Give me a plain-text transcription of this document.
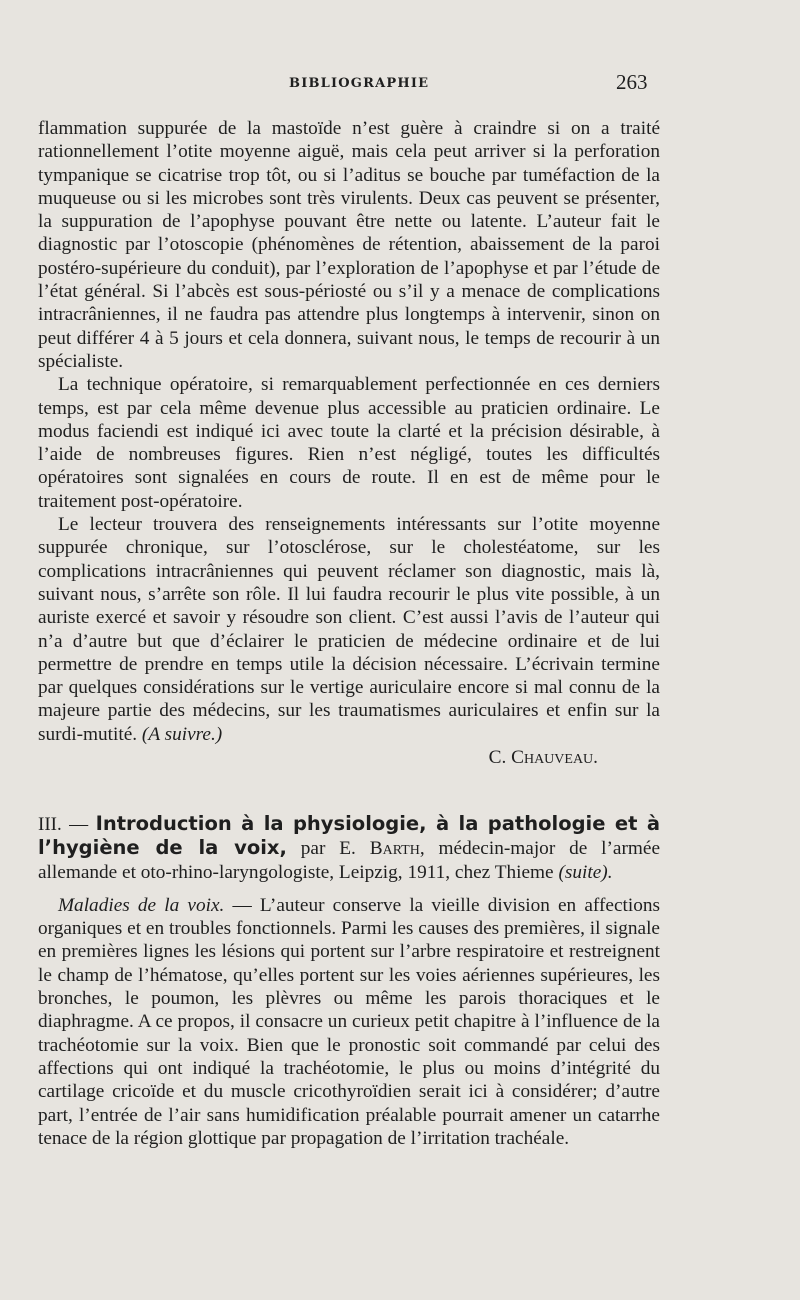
BIBLIOGRAPHIE	263

flammation suppurée de la mastoïde n’est guère à craindre si on a traité rationnellement l’otite moyenne aiguë, mais cela peut arriver si la perforation tympanique se cicatrise trop tôt, ou si l’aditus se bouche par tuméfaction de la muqueuse ou si les microbes sont très virulents. Deux cas peuvent se présenter, la suppuration de l’apophyse pouvant être nette ou latente. L’auteur fait le diagnostic par l’otoscopie (phénomènes de rétention, abaissement de la paroi postéro-supérieure du conduit), par l’exploration de l’apophyse et par l’étude de l’état général. Si l’abcès est sous-périosté ou s’il y a menace de complications intracrâniennes, il ne faudra pas attendre plus longtemps à intervenir, sinon on peut différer 4 à 5 jours et cela donnera, suivant nous, le temps de recourir à un spécialiste.

La technique opératoire, si remarquablement perfectionnée en ces derniers temps, est par cela même devenue plus accessible au praticien ordinaire. Le modus faciendi est indiqué ici avec toute la clarté et la précision désirable, à l’aide de nombreuses figures. Rien n’est négligé, toutes les difficultés opératoires sont signalées en cours de route. Il en est de même pour le traitement post-opératoire.

Le lecteur trouvera des renseignements intéressants sur l’otite moyenne suppurée chronique, sur l’otosclérose, sur le cholestéatome, sur les complications intracrâniennes qui peuvent réclamer son diagnostic, mais là, suivant nous, s’arrête son rôle. Il lui faudra recourir le plus vite possible, à un auriste exercé et savoir y résoudre son client. C’est aussi l’avis de l’auteur qui n’a d’autre but que d’éclairer le praticien de médecine ordinaire et de lui permettre de prendre en temps utile la décision nécessaire. L’écrivain termine par quelques considérations sur le vertige auriculaire encore si mal connu de la majeure partie des médecins, sur les traumatismes auriculaires et enfin sur la surdi-mutité. (A suivre.)

C. Chauveau.

III. — Introduction à la physiologie, à la pathologie et à l’hygiène de la voix, par E. Barth, médecin-major de l’armée allemande et oto-rhino-laryngologiste, Leipzig, 1911, chez Thieme (suite).

Maladies de la voix. — L’auteur conserve la vieille division en affections organiques et en troubles fonctionnels. Parmi les causes des premières, il signale en premières lignes les lésions qui portent sur l’arbre respiratoire et restreignent le champ de l’hématose, qu’elles portent sur les voies aériennes supérieures, les bronches, le poumon, les plèvres ou même les parois thoraciques et le diaphragme. A ce propos, il consacre un curieux petit chapitre à l’influence de la trachéotomie sur la voix. Bien que le pronostic soit commandé par celui des affections qui ont indiqué la trachéotomie, le plus ou moins d’intégrité du cartilage cricoïde et du muscle cricothyroïdien serait ici à considérer; d’autre part, l’entrée de l’air sans humidification préalable pourrait amener un catarrhe tenace de la région glottique par propagation de l’irritation trachéale.
